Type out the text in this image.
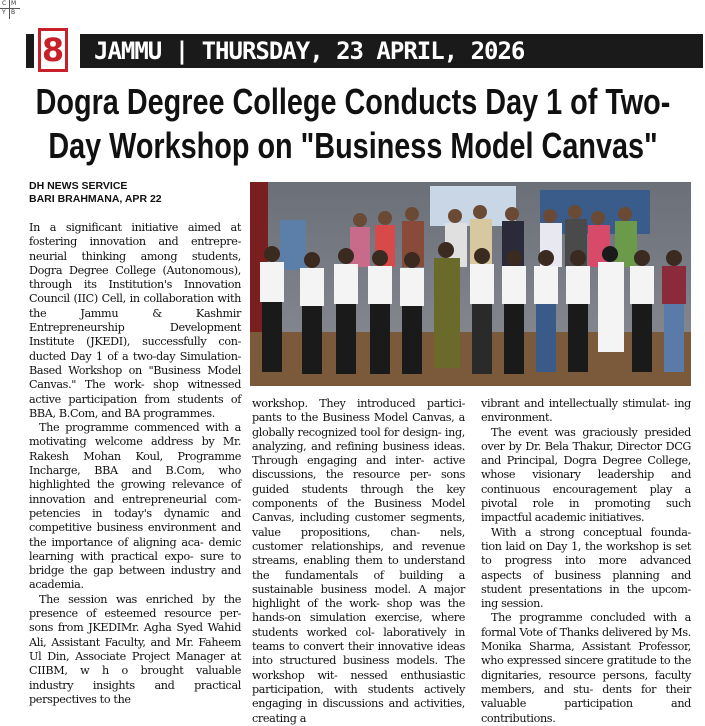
C M
Y B
8	JAMMU | THURSDAY, 23 APRIL, 2026
Dogra Degree College Conducts Day 1 of Two-Day Workshop on "Business Model Canvas"
DH NEWS SERVICE
BARI BRAHMANA, APR 22

In a significant initiative aimed at fostering innovation and entrepre- neurial thinking among students, Dogra Degree College (Autonomous), through its Institution's Innovation Council (IIC) Cell, in collaboration with the Jammu & Kashmir Entrepreneurship Development Institute (JKEDI), successfully con- ducted Day 1 of a two-day Simulation-Based Workshop on "Business Model Canvas." The work- shop witnessed active participation from students of BBA, B.Com, and BA programmes.

The programme commenced with a motivating welcome address by Mr. Rakesh Mohan Koul, Programme Incharge, BBA and B.Com, who highlighted the growing relevance of innovation and entrepreneurial com- petencies in today's dynamic and competitive business environment and the importance of aligning aca- demic learning with practical expo- sure to bridge the gap between industry and academia.

The session was enriched by the presence of esteemed resource per- sons from JKEDIMr. Agha Syed Wahid Ali, Assistant Faculty, and Mr. Faheem Ul Din, Associate Project Manager at CIIBM, w h o brought valuable industry insights and practical perspectives to the

workshop. They introduced partici- pants to the Business Model Canvas, a globally recognized tool for design- ing, analyzing, and refining business ideas. Through engaging and inter- active discussions, the resource per- sons guided students through the key components of the Business Model Canvas, including customer segments, value propositions, chan- nels, customer relationships, and revenue streams, enabling them to understand the fundamentals of building a sustainable business model. A major highlight of the work- shop was the hands-on simulation exercise, where students worked col- laboratively in teams to convert their innovative ideas into structured business models. The workshop wit- nessed enthusiastic participation, with students actively engaging in discussions and activities, creating a

vibrant and intellectually stimulat- ing environment.

The event was graciously presided over by Dr. Bela Thakur, Director DCG and Principal, Dogra Degree College, whose visionary leadership and continuous encouragement play a pivotal role in promoting such impactful academic initiatives.

With a strong conceptual founda- tion laid on Day 1, the workshop is set to progress into more advanced aspects of business planning and student presentations in the upcom- ing session.

The programme concluded with a formal Vote of Thanks delivered by Ms. Monika Sharma, Assistant Professor, who expressed sincere gratitude to the dignitaries, resource persons, faculty members, and stu- dents for their valuable participation and contributions.
